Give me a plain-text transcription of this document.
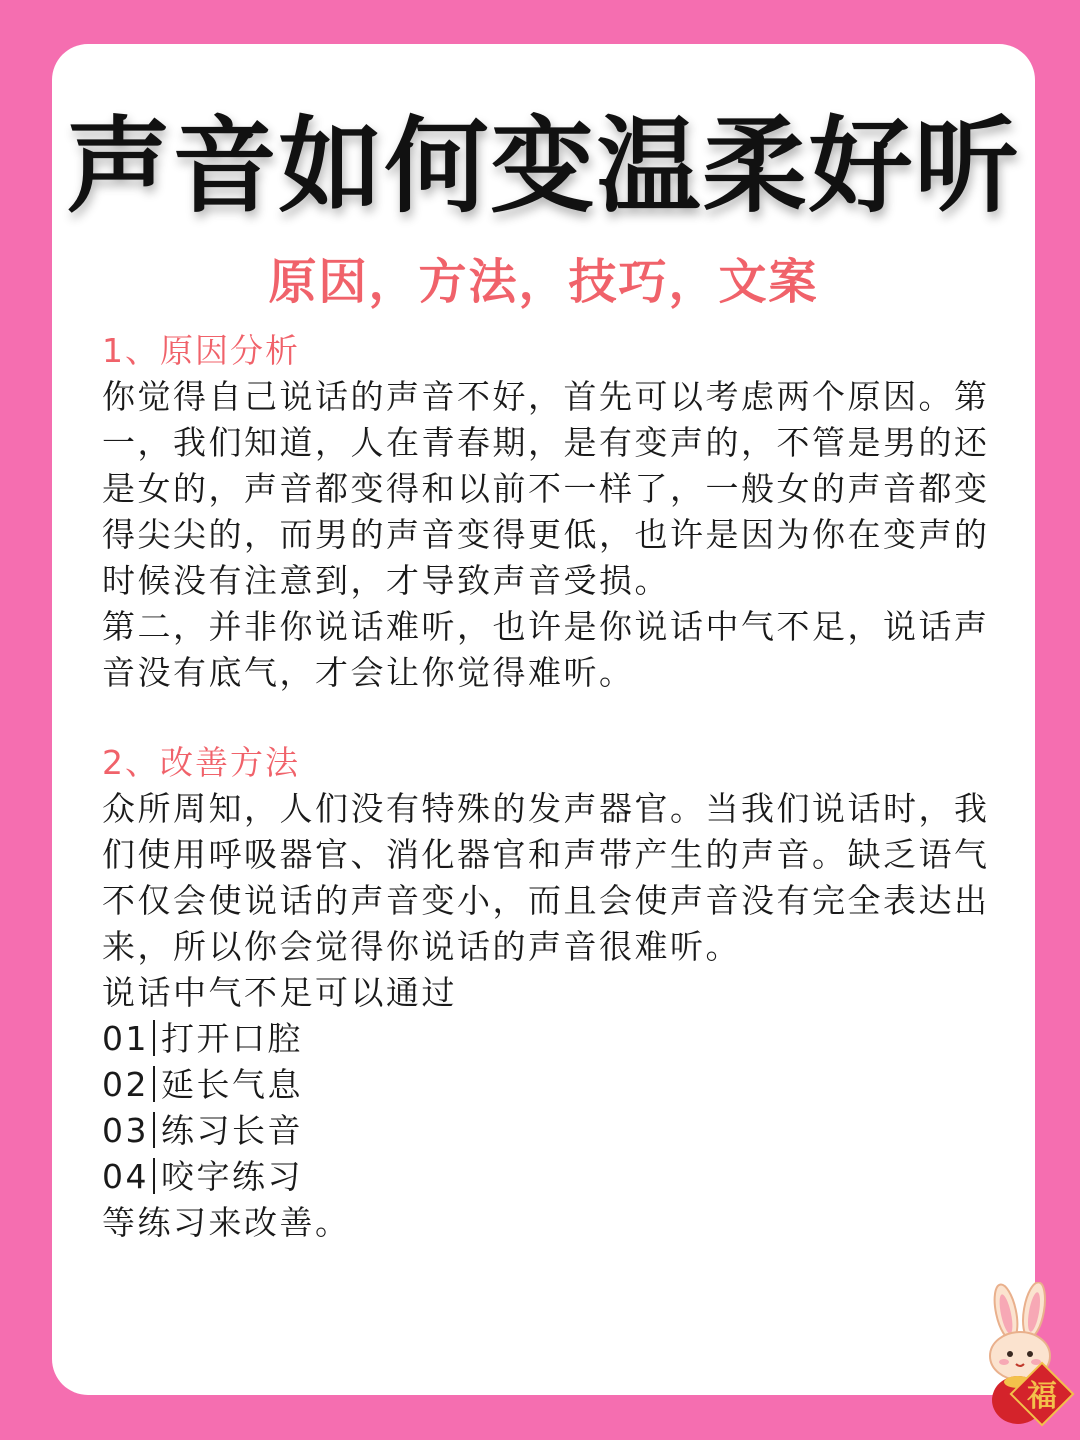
声音如何变温柔好听
原因，方法，技巧，文案
1、原因分析

你觉得自己说话的声音不好，首先可以考虑两个原因。第一，我们知道，人在青春期，是有变声的，不管是男的还是女的，声音都变得和以前不一样了，一般女的声音都变得尖尖的，而男的声音变得更低，也许是因为你在变声的时候没有注意到，才导致声音受损。

第二，并非你说话难听，也许是你说话中气不足，说话声音没有底气，才会让你觉得难听。

2、改善方法

众所周知，人们没有特殊的发声器官。当我们说话时，我们使用呼吸器官、消化器官和声带产生的声音。缺乏语气不仅会使说话的声音变小，而且会使声音没有完全表达出来，所以你会觉得你说话的声音很难听。

说话中气不足可以通过

01 打开口腔
02 延长气息
03 练习长音
04 咬字练习

等练习来改善。

福
